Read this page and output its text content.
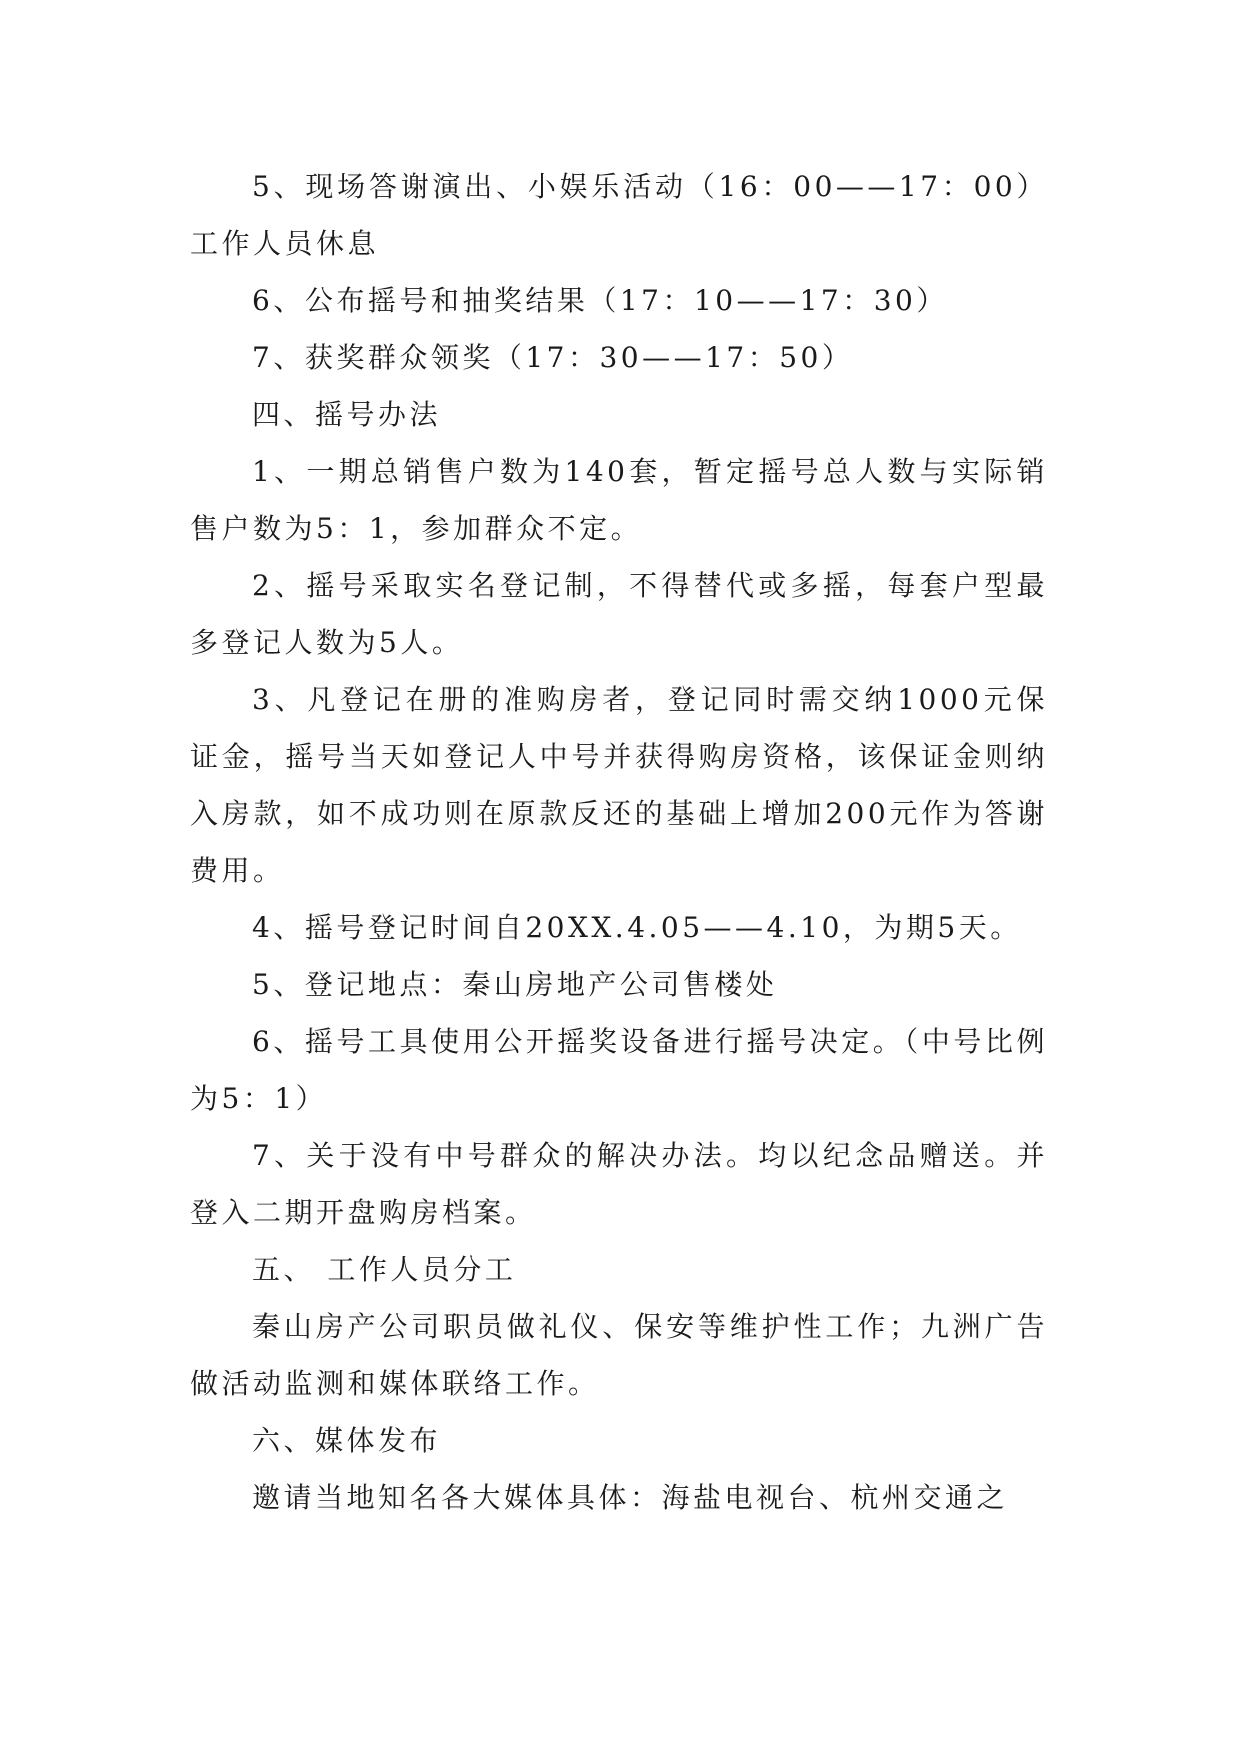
5、现场答谢演出、小娱乐活动（16：00——17：00）工作人员休息

6、公布摇号和抽奖结果（17：10——17：30）

7、获奖群众领奖（17：30——17：50）

四、摇号办法

1、一期总销售户数为140套，暂定摇号总人数与实际销售户数为5：1，参加群众不定。

2、摇号采取实名登记制，不得替代或多摇，每套户型最多登记人数为5人。

3、凡登记在册的准购房者，登记同时需交纳1000元保证金，摇号当天如登记人中号并获得购房资格，该保证金则纳入房款，如不成功则在原款反还的基础上增加200元作为答谢费用。

4、摇号登记时间自20XX.4.05——4.10，为期5天。

5、登记地点：秦山房地产公司售楼处

6、摇号工具使用公开摇奖设备进行摇号决定。（中号比例为5：1）

7、关于没有中号群众的解决办法。均以纪念品赠送。并登入二期开盘购房档案。

五、 工作人员分工

秦山房产公司职员做礼仪、保安等维护性工作；九洲广告做活动监测和媒体联络工作。

六、媒体发布

邀请当地知名各大媒体具体：海盐电视台、杭州交通之
